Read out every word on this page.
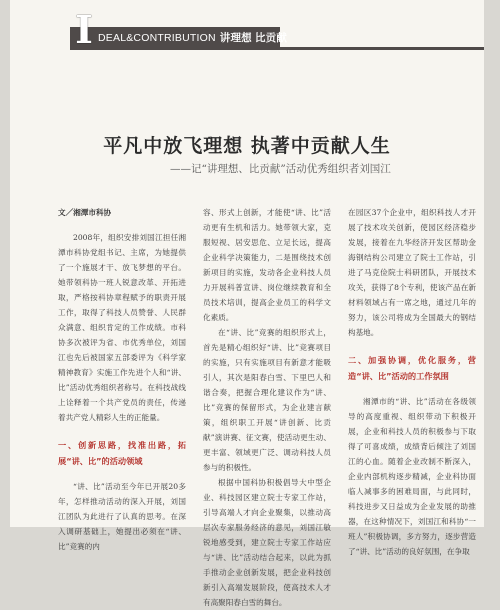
I DEAL&CONTRIBUTION 讲理想 比贡献
平凡中放飞理想 执著中贡献人生
——记“讲理想、比贡献”活动优秀组织者刘国江

文／湘潭市科协

2008年，组织安排刘国江担任湘潭市科协党组书记、主席，为她提供了一个施展才干、放飞梦想的平台。她带领科协一班人锐意改革、开拓进取，严格按科协章程赋予的职责开展工作，取得了科技人员赞誉、人民群众满意、组织肯定的工作成绩。市科协多次被评为省、市优秀单位，刘国江也先后被国家五部委评为《科学家精神教育》实施工作先进个人和“讲、比”活动优秀组织者称号。在科技战线上诠释着一个共产党员的责任，传递着共产党人精彩人生的正能量。

一、创新思路，找准出路，拓展“讲、比”的活动领域

“讲、比”活动至今年已开展20多年，怎样推动活动的深入开展，刘国江团队为此进行了认真的思考。在深入调研基础上，她提出必须在“讲、比”竞赛的内

容、形式上创新，才能使“讲、比”活动更有生机和活力。她带领大家，克服短视、居安思危、立足长远，提高企业科学决策能力，二是围绕技术创新项目的实施，发动各企业科技人员力开展科普宣讲、岗位继续教育和全员技术培训，提高企业员工的科学文化素质。

在“讲、比”竞赛的组织形式上，首先是精心组织好“讲、比”竞赛项目的实施，只有实施项目有新意才能吸引人，其次是阳春白雪、下里巴人和谐合奏，把握合理化建议作为“讲、比”竞赛的保留形式，为企业建言献策，组织职工开展“讲创新、比贡献”演讲赛、征文赛，使活动更生动、更丰富、领域更广泛、调动科技人员参与的积极性。

根据中国科协积极倡导大中型企业、科技园区建立院士专家工作站，引导高端人才向企业聚集，以推动高层次专家服务经济的意见，刘国江敏锐地感受到，建立院士专家工作站应与“讲、比”活动结合起来，以此为抓手推动企业创新发展，把企业科技创新引入高端发展阶段，使高技术人才有高聚阳春白雪的舞台。

在园区37个企业中，组织科技人才开展了技术攻关创新，使园区经济稳步发展，接着在九华经济开发区帮助金海钢结构公司建立了院士工作站，引进了马克俭院士科研团队，开展技术攻关，获得了8个专利，使该产品在新材料领域占有一席之地，通过几年的努力，该公司将成为全国最大的钢结构基地。

二、加强协调，优化服务，营造“讲、比”活动的工作氛围

湘潭市的“讲、比”活动在各级领导的高度重视、组织带动下积极开展，企业和科技人员的积极参与下取得了可喜成绩，成绩背后倾注了刘国江的心血。随着企业改制不断深入，企业内部机构逐步精减，企业科协面临人减事多的困难局面，与此同时，科技进步又日益成为企业发展的助推器，在这种情况下，刘国江和科协“一班人”积极协调，多方努力，逐步营造了“讲、比”活动的良好氛围，在争取
